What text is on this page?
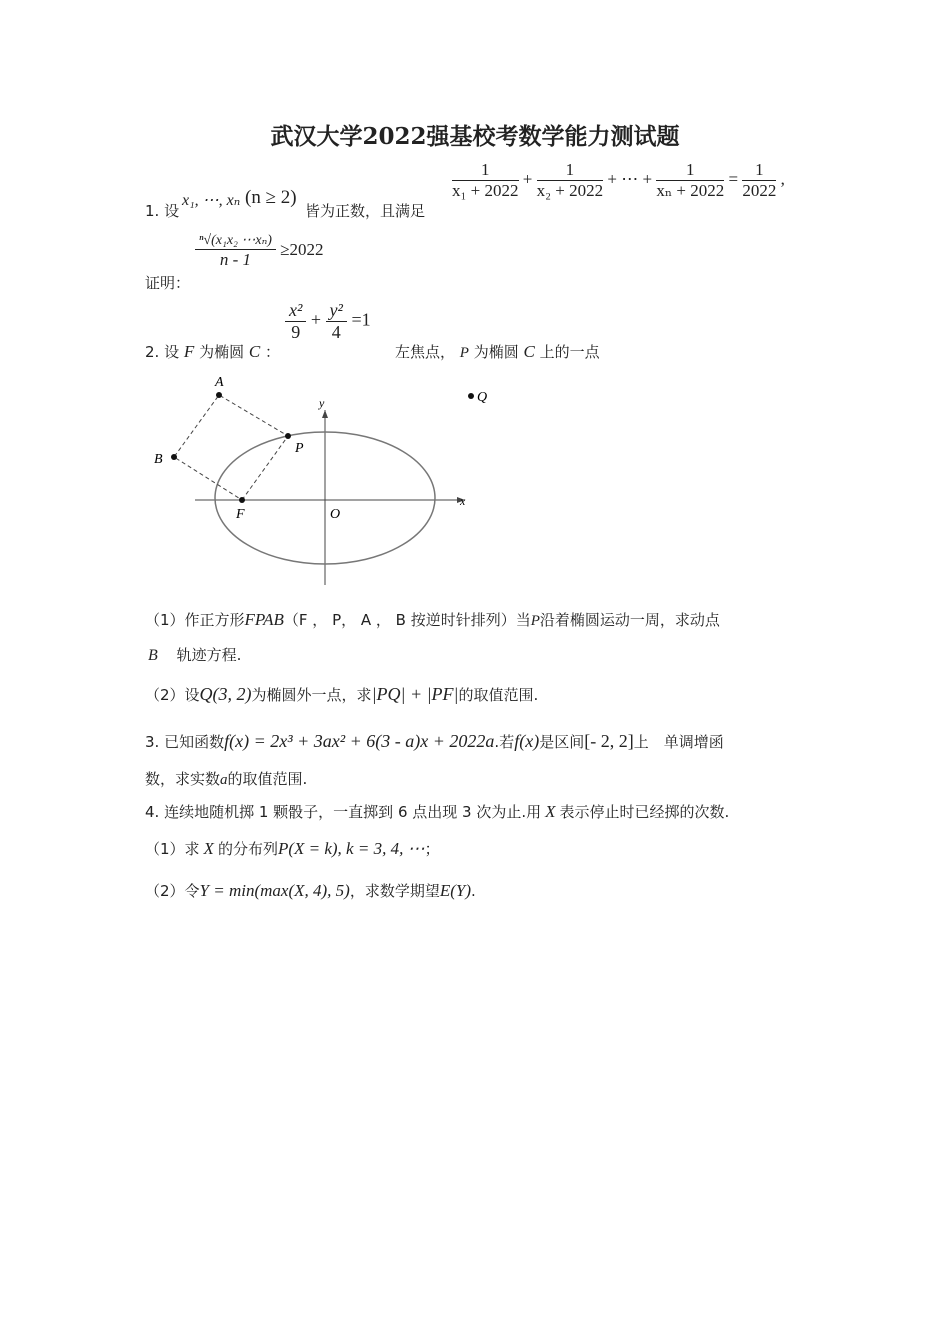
武汉大学2022强基校考数学能力测试题
1. 设
x₁, ⋯, xₙ (n ≥ 2)
皆为正数，且满足
$\frac{1}{\text{x₁ + 2022}} + \frac{1}{\text{x₂ + 2022}}$ + ⋯ + $\frac{1}{\text{xₙ + 2022}} = \frac{1}{2022}$ ,
$\frac{\text{ⁿ√(x₁x₂ ⋯xₙ)}}{n - 1} \ge 2022$
证明：
2. 设 F 为椭圆 C ：
$\frac{\text{x²}}{9} + \frac{\text{y²}}{4} =1$
左焦点， P 为椭圆 C 上的一点
A
B
P
F	O
Q
x
y
（1）作正方形FPAB（F ， P， A ， B 按逆时针排列）当P沿着椭圆运动一周，求动点
B 轨迹方程.
（2）设Q(3, 2)为椭圆外一点，求|PQ| + |PF|的取值范围.
3. 已知函数f(x) = 2x³ + 3ax² + 6(3 - a)x + 2022a.若f(x)是区间[- 2, 2]上　单调增函
数，求实数a的取值范围.
4. 连续地随机掷 1 颗骰子，一直掷到 6 点出现 3 次为止.用 X 表示停止时已经掷的次数.
（1）求 X 的分布列P(X = k), k = 3, 4, ⋯；
（2）令Y = min(max(X, 4), 5)，求数学期望E(Y).
